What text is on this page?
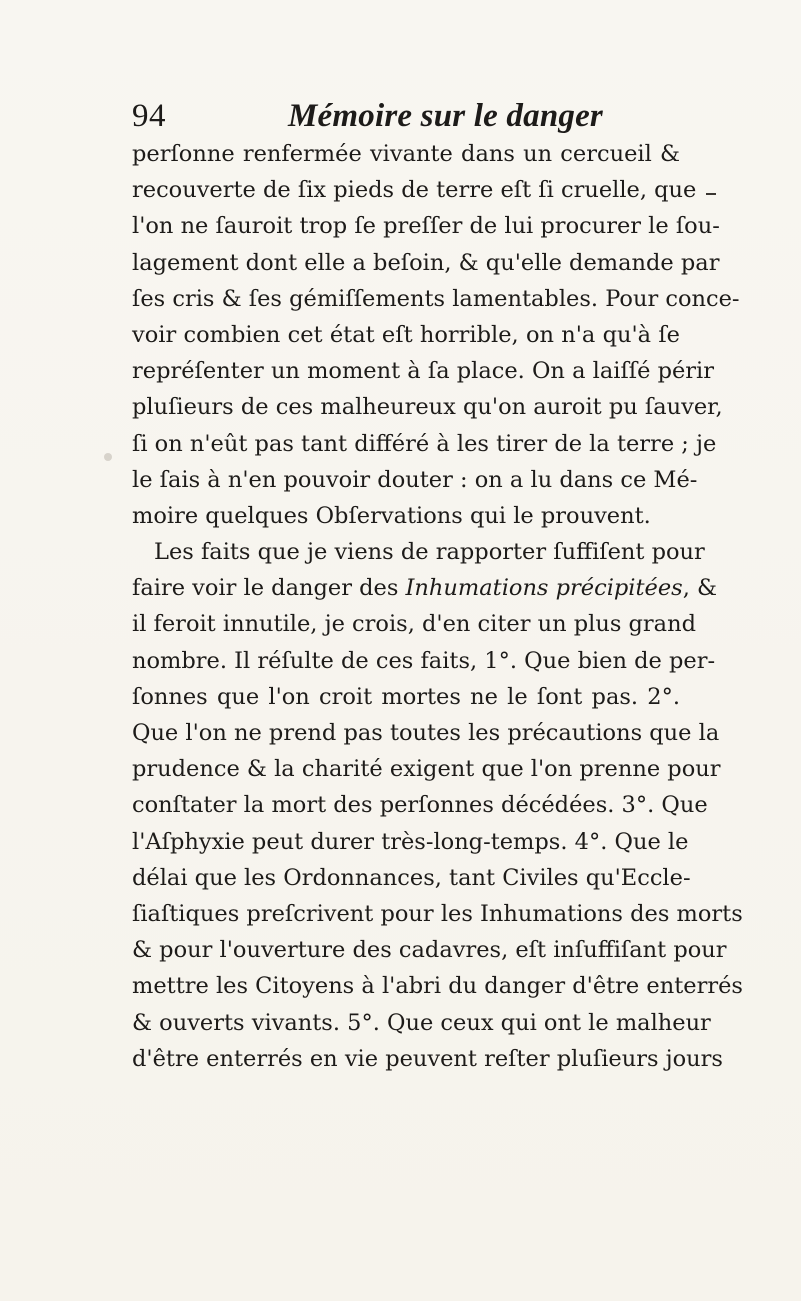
94	Mémoire sur le danger
perſonne renfermée vivante dans un cercueil &
recouverte de ſix pieds de terre eſt ſi cruelle, que
l'on ne ſauroit trop ſe preſſer de lui procurer le ſou-
lagement dont elle a beſoin, & qu'elle demande par
ſes cris & ſes gémiſſements lamentables. Pour conce-
voir combien cet état eſt horrible, on n'a qu'à ſe
repréſenter un moment à ſa place. On a laiſſé périr
pluſieurs de ces malheureux qu'on auroit pu ſauver,
ſi on n'eût pas tant différé à les tirer de la terre ; je
le ſais à n'en pouvoir douter : on a lu dans ce Mé-
moire quelques Obſervations qui le prouvent.
Les faits que je viens de rapporter ſuffiſent pour
faire voir le danger des Inhumations précipitées, &
il feroit innutile, je crois, d'en citer un plus grand
nombre. Il réſulte de ces faits, 1°. Que bien de per-
ſonnes que l'on croit mortes ne le ſont pas. 2°.
Que l'on ne prend pas toutes les précautions que la
prudence & la charité exigent que l'on prenne pour
conſtater la mort des perſonnes décédées. 3°. Que
l'Aſphyxie peut durer très-long-temps. 4°. Que le
délai que les Ordonnances, tant Civiles qu'Eccle-
ſiaſtiques preſcrivent pour les Inhumations des morts
& pour l'ouverture des cadavres, eſt inſuffiſant pour
mettre les Citoyens à l'abri du danger d'être enterrés
& ouverts vivants. 5°. Que ceux qui ont le malheur
d'être enterrés en vie peuvent reſter pluſieurs jours
